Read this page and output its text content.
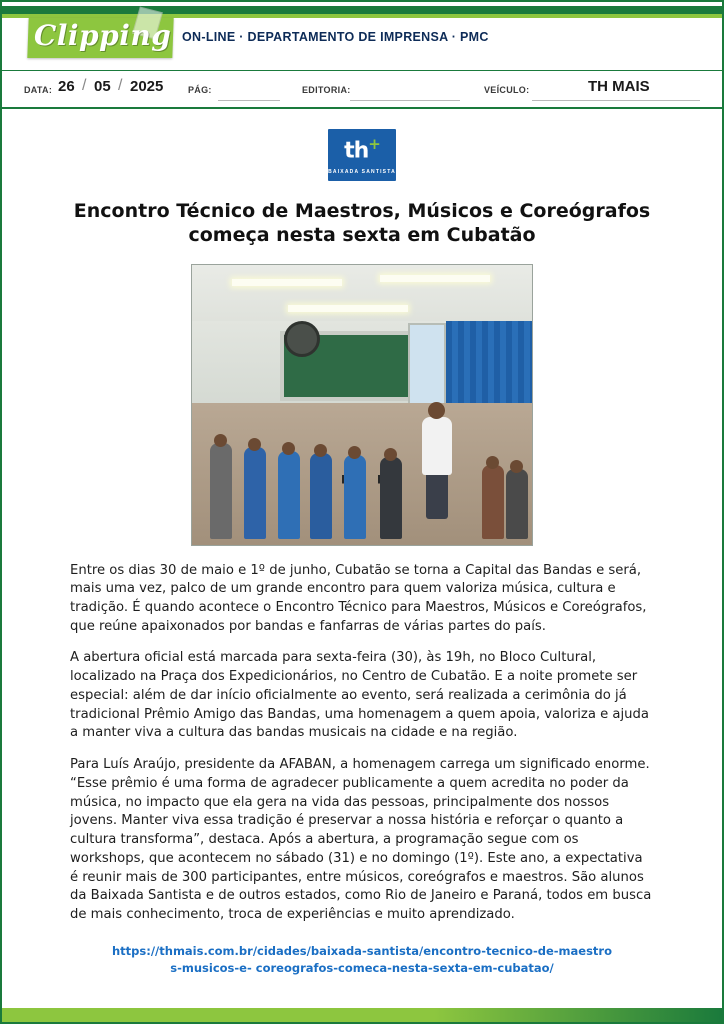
Clipping ON-LINE · DEPARTAMENTO DE IMPRENSA · PMC
DATA: 26 / 05 / 2025	PÁG:	EDITORIA:	VEÍCULO:	TH MAIS
th+
BAIXADA SANTISTA
Encontro Técnico de Maestros, Músicos e Coreógrafos
começa nesta sexta em Cubatão

Entre os dias 30 de maio e 1º de junho, Cubatão se torna a Capital das Bandas e será, mais uma vez, palco de um grande encontro para quem valoriza música, cultura e tradição. É quando acontece o Encontro Técnico para Maestros, Músicos e Coreógrafos, que reúne apaixonados por bandas e fanfarras de várias partes do país.

A abertura oficial está marcada para sexta-feira (30), às 19h, no Bloco Cultural, localizado na Praça dos Expedicionários, no Centro de Cubatão. E a noite promete ser especial: além de dar início oficialmente ao evento, será realizada a cerimônia do já tradicional Prêmio Amigo das Bandas, uma homenagem a quem apoia, valoriza e ajuda a manter viva a cultura das bandas musicais na cidade e na região.

Para Luís Araújo, presidente da AFABAN, a homenagem carrega um significado enorme. “Esse prêmio é uma forma de agradecer publicamente a quem acredita no poder da música, no impacto que ela gera na vida das pessoas, principalmente dos nossos jovens. Manter viva essa tradição é preservar a nossa história e reforçar o quanto a cultura transforma”, destaca. Após a abertura, a programação segue com os workshops, que acontecem no sábado (31) e no domingo (1º). Este ano, a expectativa é reunir mais de 300 participantes, entre músicos, coreógrafos e maestros. São alunos da Baixada Santista e de outros estados, como Rio de Janeiro e Paraná, todos em busca de mais conhecimento, troca de experiências e muito aprendizado.

https://thmais.com.br/cidades/baixada-santista/encontro-tecnico-de-maestros-musicos-e- coreografos-comeca-nesta-sexta-em-cubatao/
